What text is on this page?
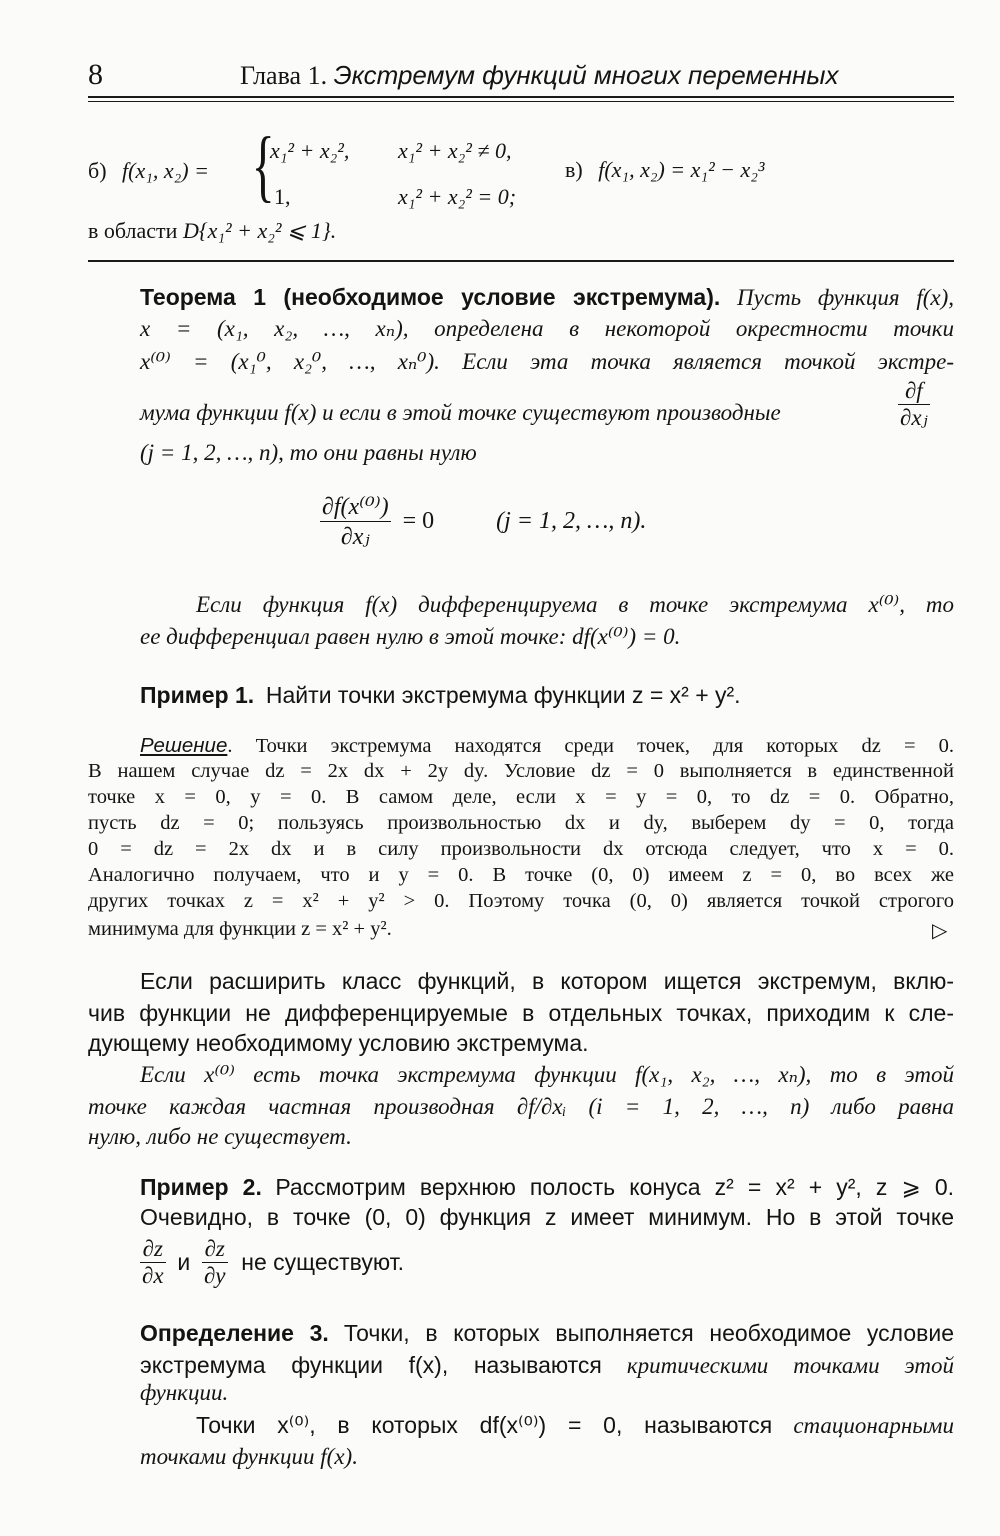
8	Глава 1. Экстремум функций многих переменных
б) f(x₁, x₂) = {
x₁² + x₂², x₁² + x₂² ≠ 0,
1,	x₁² + x₂² = 0;
в) f(x₁, x₂) = x₁² − x₂³
в области D{x₁² + x₂² ⩽ 1}.
Теорема 1 (необходимое условие экстремума). Пусть функция f(x),
x = (x₁, x₂, …, xₙ), определена в некоторой окрестности точки
x⁽⁰⁾ = (x₁⁰, x₂⁰, …, xₙ⁰). Если эта точка является точкой экстре-
мума функции f(x) и если в этой точке существуют производные	$\frac{\partial f}{\text{∂xⱼ}}$
(j = 1, 2, …, n), то они равны нулю
$\frac{\text{∂f(x⁽⁰⁾)}}{\text{∂xⱼ}} = 0$	(j = 1, 2, …, n).
Если функция f(x) дифференцируема в точке экстремума x⁽⁰⁾, то
ее дифференциал равен нулю в этой точке: df(x⁽⁰⁾) = 0.
Пример 1. Найти точки экстремума функции z = x² + y².
Решение. Точки экстремума находятся среди точек, для которых dz = 0.
В нашем случае dz = 2x dx + 2y dy. Условие dz = 0 выполняется в единственной
точке x = 0, y = 0. В самом деле, если x = y = 0, то dz = 0. Обратно,
пусть dz = 0; пользуясь произвольностью dx и dy, выберем dy = 0, тогда
0 = dz = 2x dx и в силу произвольности dx отсюда следует, что x = 0.
Аналогично получаем, что и y = 0. В точке (0, 0) имеем z = 0, во всех же
других точках z = x² + y² > 0. Поэтому точка (0, 0) является точкой строгого
минимума для функции z = x² + y².	▷
Если расширить класс функций, в котором ищется экстремум, вклю-
чив функции не дифференцируемые в отдельных точках, приходим к сле-
дующему необходимому условию экстремума.
Если x⁽⁰⁾ есть точка экстремума функции f(x₁, x₂, …, xₙ), то в этой
точке каждая частная производная ∂f/∂xᵢ (i = 1, 2, …, n) либо равна
нулю, либо не существует.
Пример 2. Рассмотрим верхнюю полость конуса z² = x² + y², z ⩾ 0.
Очевидно, в точке (0, 0) функция z имеет минимум. Но в этой точке
$\frac{\partial z}{\partial x}$ и $\frac{\partial z}{\partial y}$ не существуют.
Определение 3. Точки, в которых выполняется необходимое условие
экстремума функции f(x), называются критическими точками этой
функции.
Точки x⁽⁰⁾, в которых df(x⁽⁰⁾) = 0, называются стационарными
точками функции f(x).
